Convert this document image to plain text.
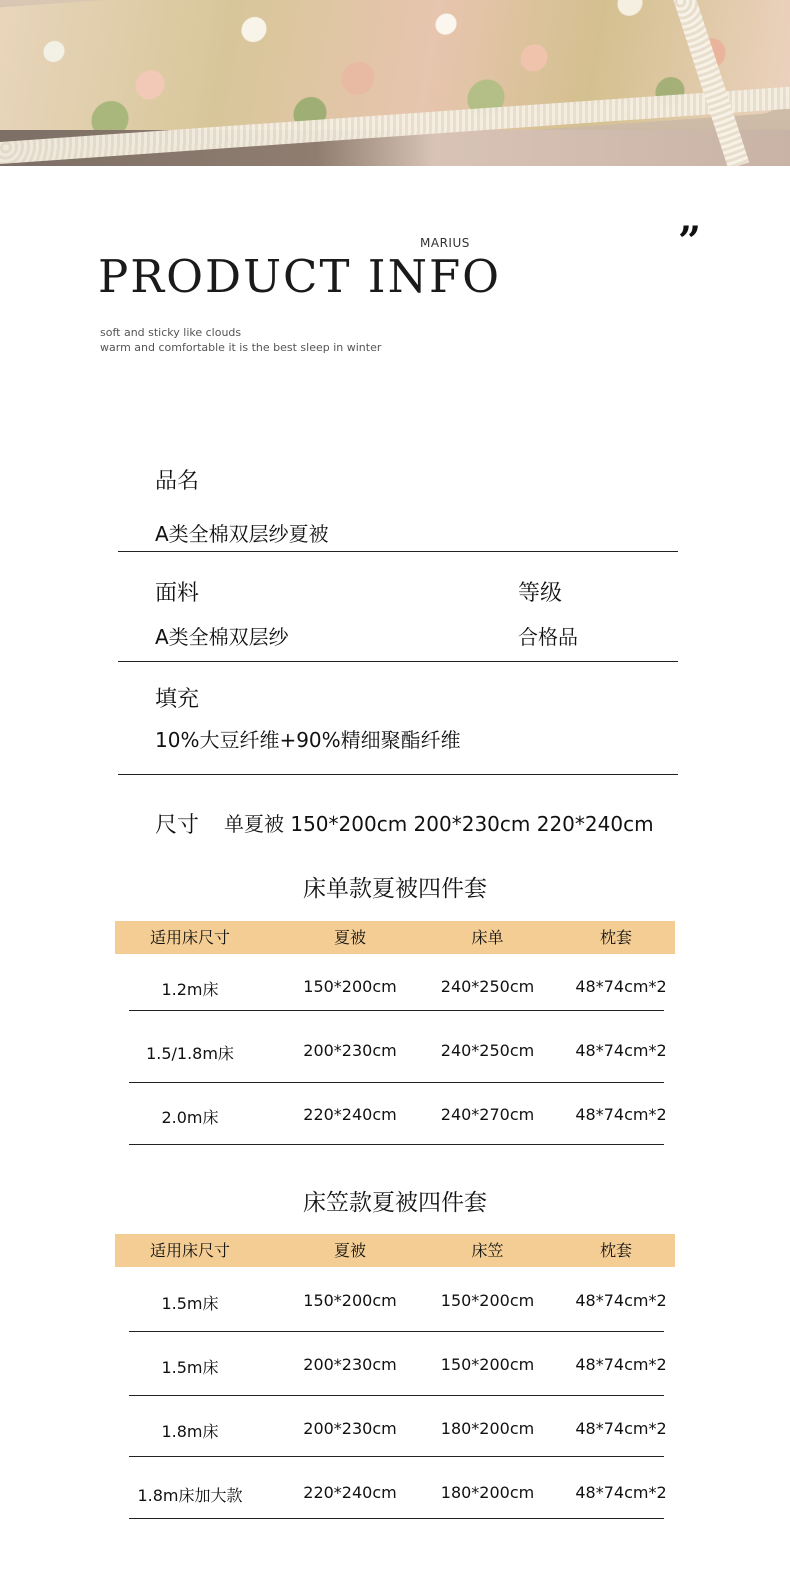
MARIUS
PRODUCT INFO
”
soft and sticky like clouds
warm and comfortable it is the best sleep in winter
品名
A类全棉双层纱夏被
面料
A类全棉双层纱
等级
合格品
填充
10%大豆纤维+90%精细聚酯纤维
尺寸 单夏被 150*200cm 200*230cm 220*240cm
床单款夏被四件套
适用床尺寸	夏被	床单	枕套
1.2m床	150*200cm	240*250cm	48*74cm*2
1.5/1.8m床	200*230cm	240*250cm	48*74cm*2
2.0m床	220*240cm	240*270cm	48*74cm*2
床笠款夏被四件套
适用床尺寸	夏被	床笠	枕套
1.5m床	150*200cm	150*200cm	48*74cm*2
1.5m床	200*230cm	150*200cm	48*74cm*2
1.8m床	200*230cm	180*200cm	48*74cm*2
1.8m床加大款	220*240cm	180*200cm	48*74cm*2
